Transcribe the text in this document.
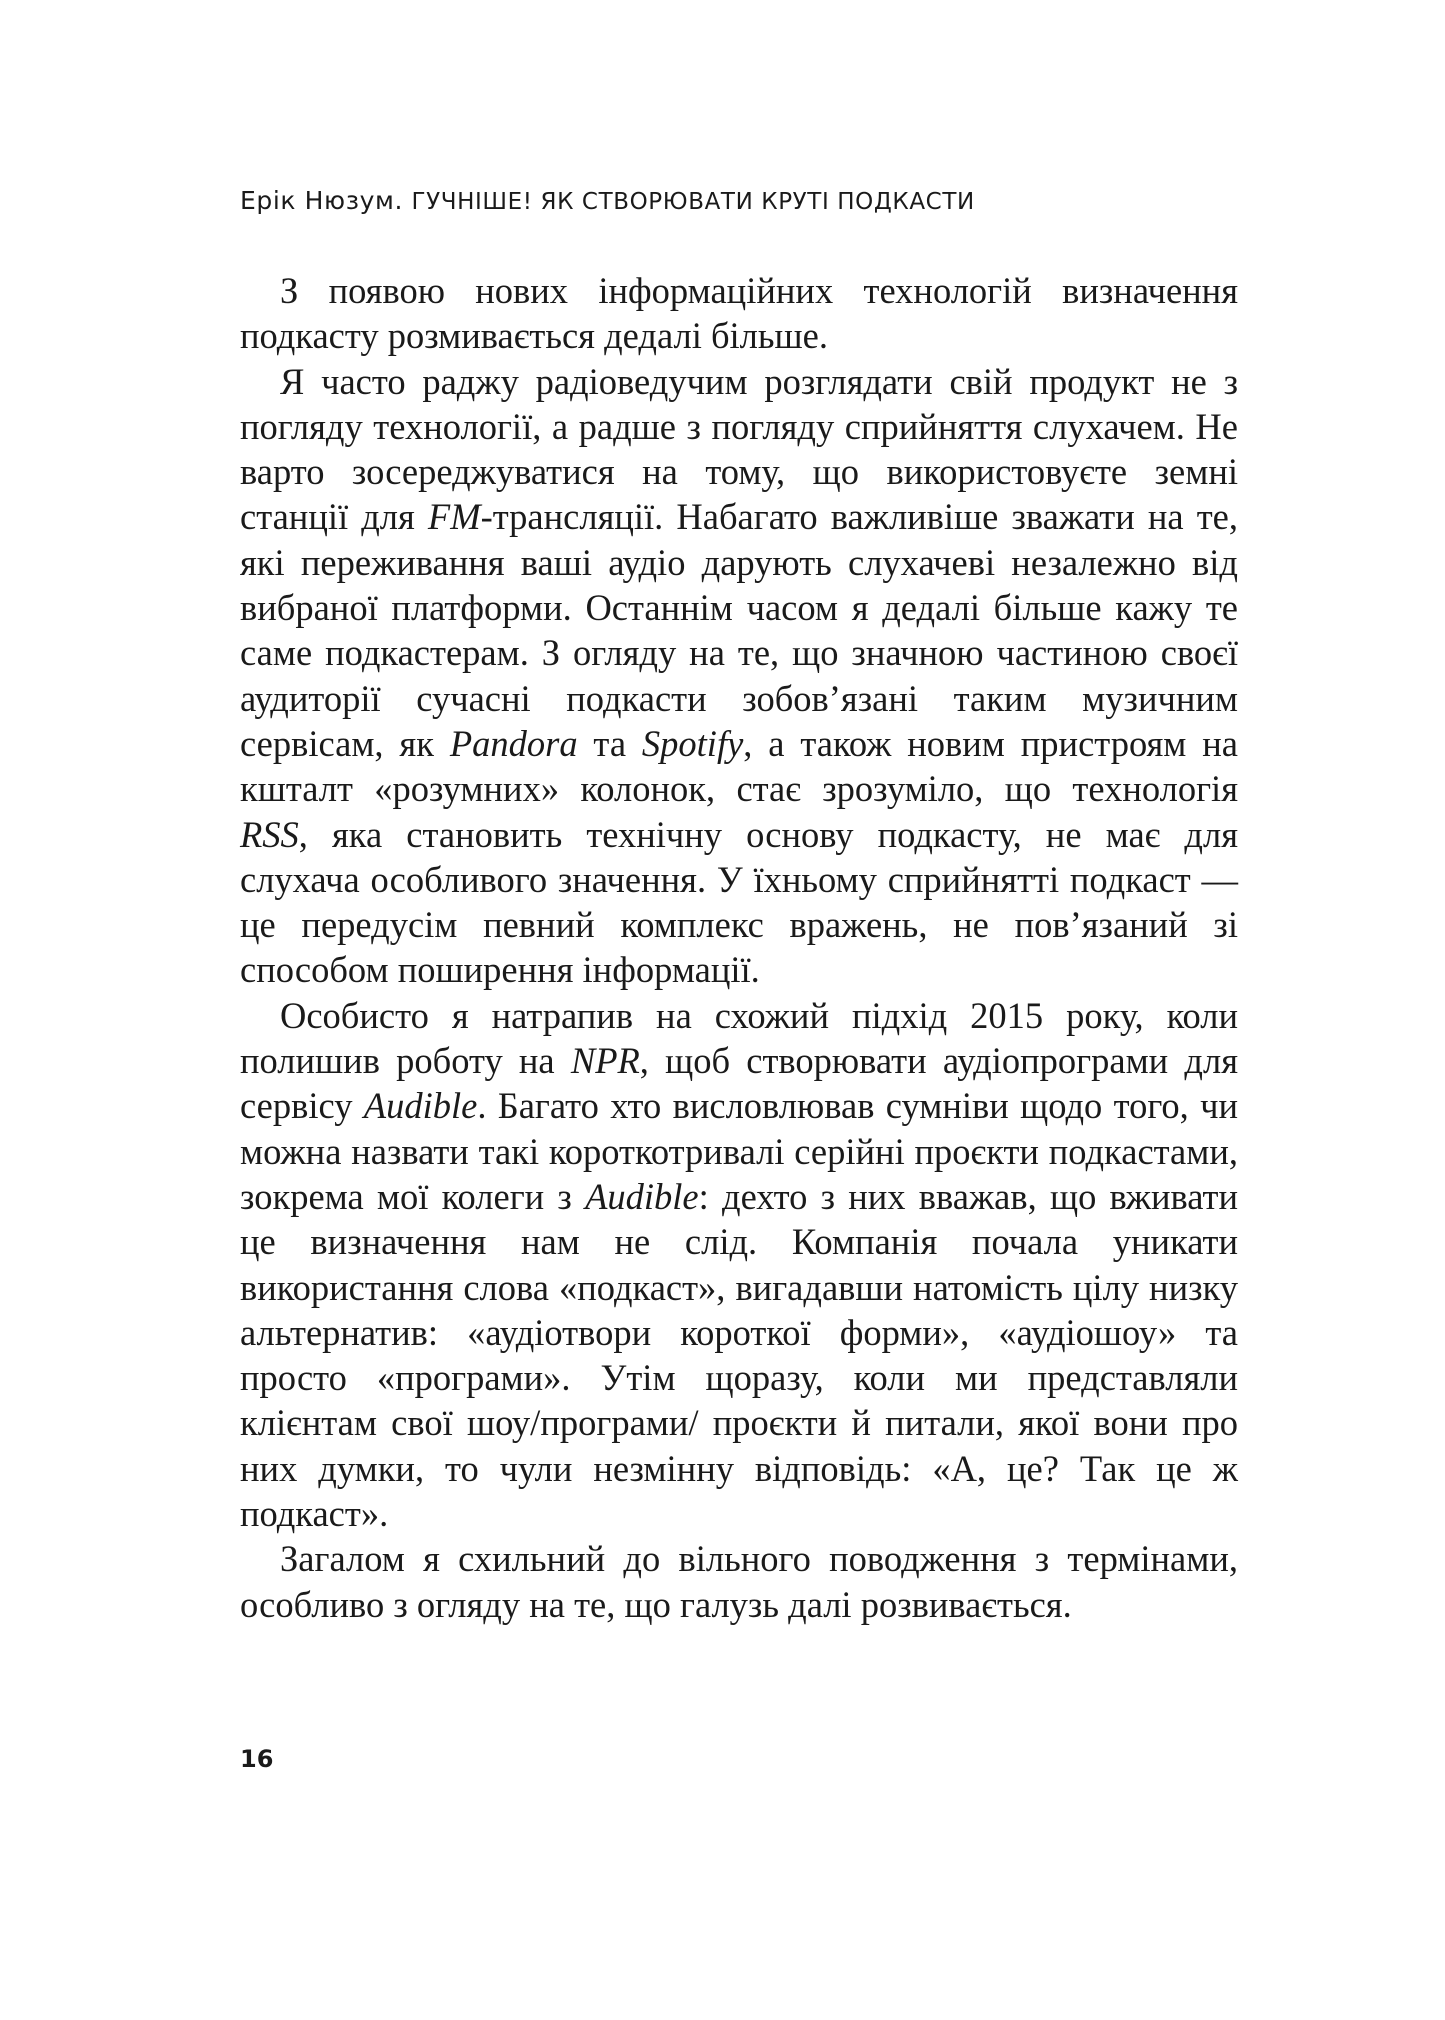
Ерік Нюзум. ГУЧНІШЕ! ЯК СТВОРЮВАТИ КРУТІ ПОДКАСТИ

З появою нових інформаційних технологій визначення подкасту розмивається дедалі більше.

Я часто раджу радіоведучим розглядати свій продукт не з погляду технології, а радше з погляду сприйняття слухачем. Не варто зосереджуватися на тому, що використовуєте земні станції для FM-трансляції. Набагато важливіше зважати на те, які переживання ваші аудіо дарують слухачеві незалежно від вибраної платформи. Останнім часом я дедалі більше кажу те саме подкастерам. З огляду на те, що значною частиною своєї аудиторії сучасні подкасти зобов’язані таким музичним сервісам, як Pandora та Spotify, а також новим пристроям на кшталт «розумних» колонок, стає зрозуміло, що технологія RSS, яка становить технічну основу подкасту, не має для слухача особливого значення. У їхньому сприйнятті подкаст — це передусім певний комплекс вражень, не пов’язаний зі способом поширення інформації.

Особисто я натрапив на схожий підхід 2015 року, коли полишив роботу на NPR, щоб створювати аудіопрограми для сервісу Audible. Багато хто висловлював сумніви щодо того, чи можна назвати такі короткотривалі серійні проєкти подкастами, зокрема мої колеги з Audible: дехто з них вважав, що вживати це визначення нам не слід. Компанія почала уникати використання слова «подкаст», вигадавши натомість цілу низку альтернатив: «аудіотвори короткої форми», «аудіошоу» та просто «програми». Утім щоразу, коли ми представляли клієнтам свої шоу/програми/ проєкти й питали, якої вони про них думки, то чули незмінну відповідь: «А, це? Так це ж подкаст».

Загалом я схильний до вільного поводження з термінами, особливо з огляду на те, що галузь далі розвивається.

16
